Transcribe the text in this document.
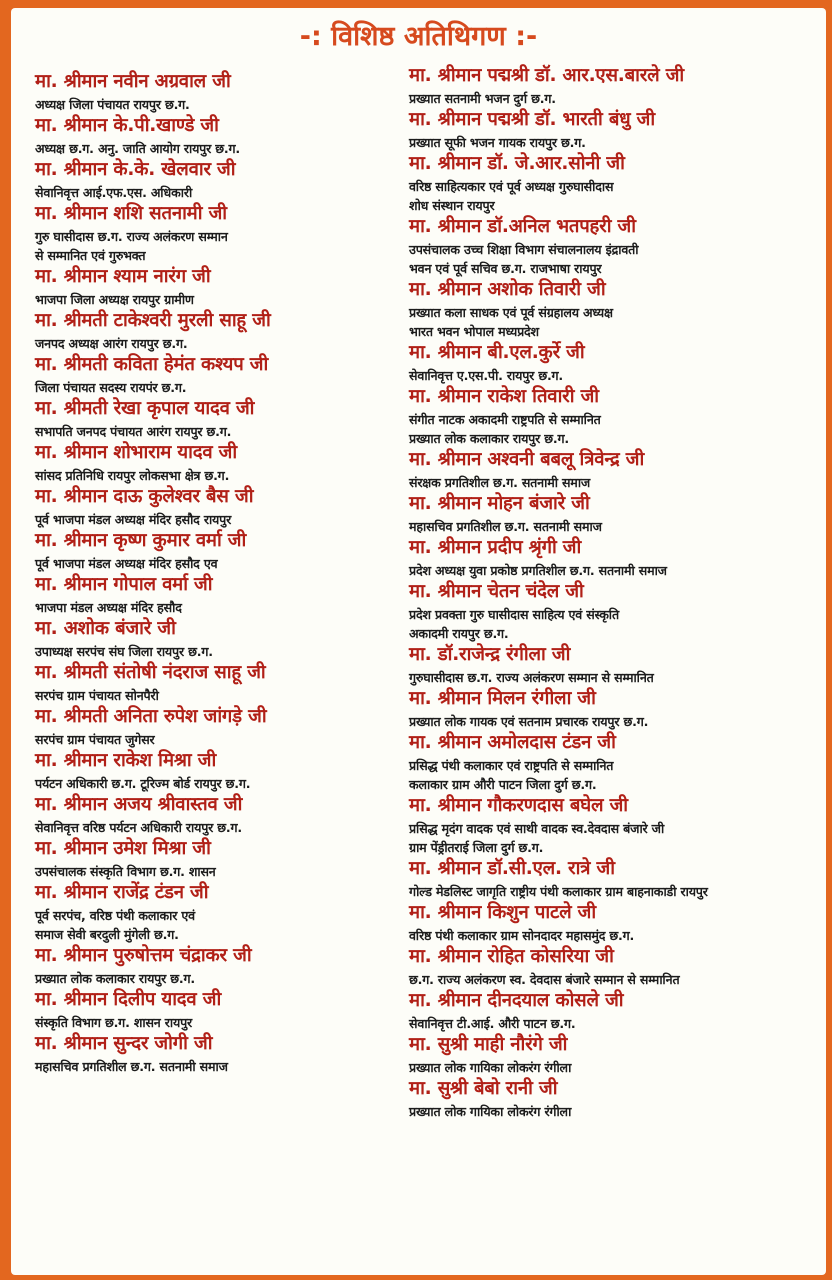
-: विशिष्ठ अतिथिगण :-
मा. श्रीमान नवीन अग्रवाल जी
अध्यक्ष जिला पंचायत रायपुर छ.ग.
मा. श्रीमान के.पी.खाण्डे जी
अध्यक्ष छ.ग. अनु. जाति आयोग रायपुर छ.ग.
मा. श्रीमान के.के. खेलवार जी
सेवानिवृत्त आई.एफ.एस. अधिकारी
मा. श्रीमान शशि सतनामी जी
गुरु घासीदास छ.ग. राज्य अलंकरण सम्मान
से सम्मानित एवं गुरुभक्त
मा. श्रीमान श्याम नारंग जी
भाजपा जिला अध्यक्ष रायपुर ग्रामीण
मा. श्रीमती टाकेश्वरी मुरली साहू जी
जनपद अध्यक्ष आरंग रायपुर छ.ग.
मा. श्रीमती कविता हेमंत कश्यप जी
जिला पंचायत सदस्य रायपंर छ.ग.
मा. श्रीमती रेखा कृपाल यादव जी
सभापति जनपद पंचायत आरंग रायपुर छ.ग.
मा. श्रीमान शोभाराम यादव जी
सांसद प्रतिनिधि रायपुर लोकसभा क्षेत्र छ.ग.
मा. श्रीमान दाऊ कुलेश्वर बैस जी
पूर्व भाजपा मंडल अध्यक्ष मंदिर हसौद रायपुर
मा. श्रीमान कृष्ण कुमार वर्मा जी
पूर्व भाजपा मंडल अध्यक्ष मंदिर हसौद एव
मा. श्रीमान गोपाल वर्मा जी
भाजपा मंडल अध्यक्ष मंदिर हसौद
मा. अशोक बंजारे जी
उपाध्यक्ष सरपंच संघ जिला रायपुर छ.ग.
मा. श्रीमती संतोषी नंदराज साहू जी
सरपंच ग्राम पंचायत सोनपैरी
मा. श्रीमती अनिता रुपेश जांगड़े जी
सरपंच ग्राम पंचायत जुगेसर
मा. श्रीमान राकेश मिश्रा जी
पर्यटन अधिकारी छ.ग. टूरिज्म बोर्ड रायपुर छ.ग.
मा. श्रीमान अजय श्रीवास्तव जी
सेवानिवृत्त वरिष्ठ पर्यटन अधिकारी रायपुर छ.ग.
मा. श्रीमान उमेश मिश्रा जी
उपसंचालक संस्कृति विभाग छ.ग. शासन
मा. श्रीमान राजेंद्र टंडन जी
पूर्व सरपंच, वरिष्ठ पंथी कलाकार एवं
समाज सेवी बरदुली मुंगेली छ.ग.
मा. श्रीमान पुरुषोत्तम चंद्राकर जी
प्रख्यात लोक कलाकार रायपुर छ.ग.
मा. श्रीमान दिलीप यादव जी
संस्कृति विभाग छ.ग. शासन रायपुर
मा. श्रीमान सुन्दर जोगी जी
महासचिव प्रगतिशील छ.ग. सतनामी समाज
मा. श्रीमान पद्मश्री डॉ. आर.एस.बारले जी
प्रख्यात सतनामी भजन दुर्ग छ.ग.
मा. श्रीमान पद्मश्री डॉ. भारती बंधु जी
प्रख्यात सूफी भजन गायक रायपुर छ.ग.
मा. श्रीमान डॉ. जे.आर.सोनी जी
वरिष्ठ साहित्यकार एवं पूर्व अध्यक्ष गुरुघासीदास
शोध संस्थान रायपुर
मा. श्रीमान डॉ.अनिल भतपहरी जी
उपसंचालक उच्च शिक्षा विभाग संचालनालय इंद्रावती
भवन एवं पूर्व सचिव छ.ग. राजभाषा रायपुर
मा. श्रीमान अशोक तिवारी जी
प्रख्यात कला साधक एवं पूर्व संग्रहालय अध्यक्ष
भारत भवन भोपाल मध्यप्रदेश
मा. श्रीमान बी.एल.कुर्रे जी
सेवानिवृत्त ए.एस.पी. रायपुर छ.ग.
मा. श्रीमान राकेश तिवारी जी
संगीत नाटक अकादमी राष्ट्रपति से सम्मानित
प्रख्यात लोक कलाकार रायपुर छ.ग.
मा. श्रीमान अश्वनी बबलू त्रिवेन्द्र जी
संरक्षक प्रगतिशील छ.ग. सतनामी समाज
मा. श्रीमान मोहन बंजारे जी
महासचिव प्रगतिशील छ.ग. सतनामी समाज
मा. श्रीमान प्रदीप श्रृंगी जी
प्रदेश अध्यक्ष युवा प्रकोष्ठ प्रगतिशील छ.ग. सतनामी समाज
मा. श्रीमान चेतन चंदेल जी
प्रदेश प्रवक्ता गुरु घासीदास साहित्य एवं संस्कृति
अकादमी रायपुर छ.ग.
मा. डॉ.राजेन्द्र रंगीला जी
गुरुघासीदास छ.ग. राज्य अलंकरण सम्मान से सम्मानित
मा. श्रीमान मिलन रंगीला जी
प्रख्यात लोक गायक एवं सतनाम प्रचारक रायपुर छ.ग.
मा. श्रीमान अमोलदास टंडन जी
प्रसिद्ध पंथी कलाकार एवं राष्ट्रपति से सम्मानित
कलाकार ग्राम औरी पाटन जिला दुर्ग छ.ग.
मा. श्रीमान गौकरणदास बघेल जी
प्रसिद्ध मृदंग वादक एवं साथी वादक स्व.देवदास बंजारे जी
ग्राम पेंड्रीतराई जिला दुर्ग छ.ग.
मा. श्रीमान डॉ.सी.एल. रात्रे जी
गोल्ड मेडलिस्ट जागृति राष्ट्रीय पंथी कलाकार ग्राम बाहनाकाडी रायपुर
मा. श्रीमान किशुन पाटले जी
वरिष्ठ पंथी कलाकार ग्राम सोनदादर महासमुंद छ.ग.
मा. श्रीमान रोहित कोसरिया जी
छ.ग. राज्य अलंकरण स्व. देवदास बंजारे सम्मान से सम्मानित
मा. श्रीमान दीनदयाल कोसले जी
सेवानिवृत्त टी.आई. औरी पाटन छ.ग.
मा. सुश्री माही नौरंगे जी
प्रख्यात लोक गायिका लोकरंग रंगीला
मा. सुश्री बेबो रानी जी
प्रख्यात लोक गायिका लोकरंग रंगीला
